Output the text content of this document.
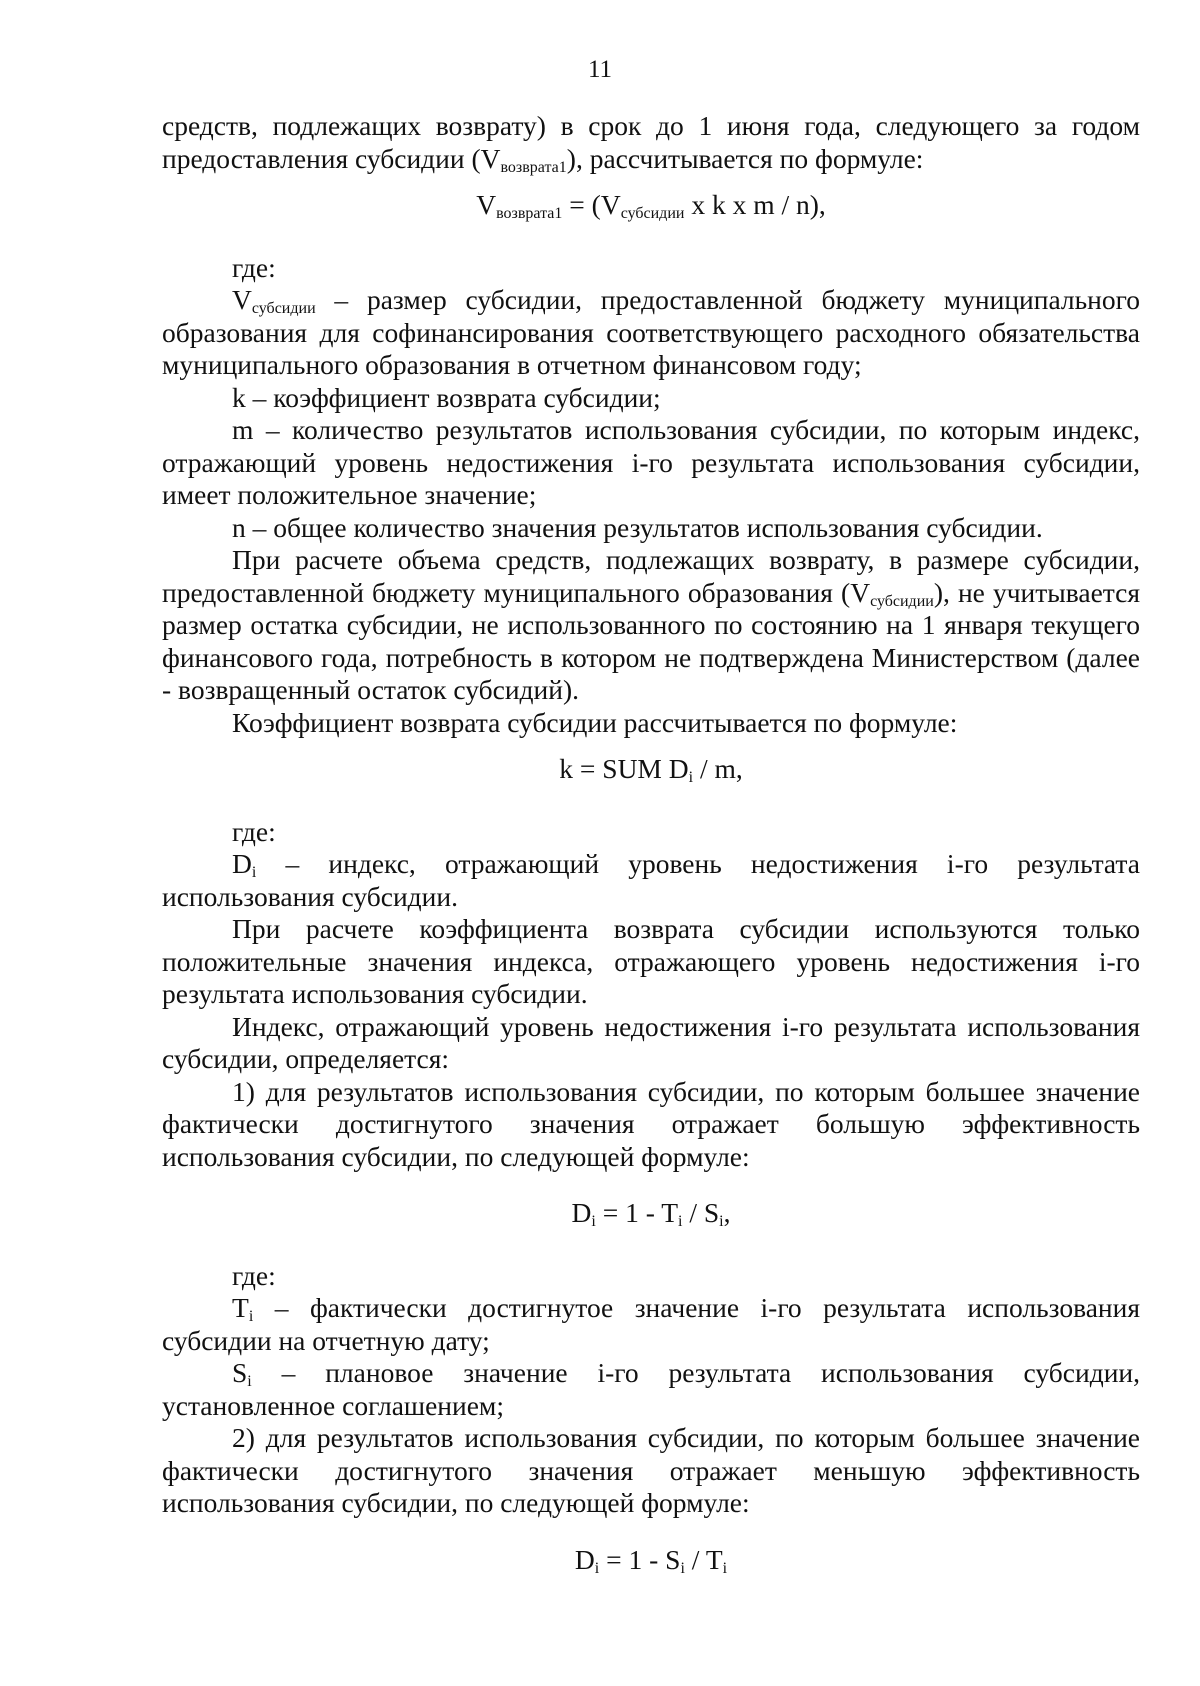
11

средств, подлежащих возврату) в срок до 1 июня года, следующего за годом предоставления субсидии $(V_{возврата1})$, рассчитывается по формуле:

$V_{возврата1} = (V_{субсидии}$ x k x m / n),

где:

$V_{субсидии}$ – размер субсидии, предоставленной бюджету муниципального образования для софинансирования соответствующего расходного обязательства муниципального образования в отчетном финансовом году;

k – коэффициент возврата субсидии;

m – количество результатов использования субсидии, по которым индекс, отражающий уровень недостижения i-го результата использования субсидии, имеет положительное значение;

n – общее количество значения результатов использования субсидии.

При расчете объема средств, подлежащих возврату, в размере субсидии, предоставленной бюджету муниципального образования $(V_{субсидии})$, не учитывается размер остатка субсидии, не использованного по состоянию на 1 января текущего финансового года, потребность в котором не подтверждена Министерством (далее - возвращенный остаток субсидий).

Коэффициент возврата субсидии рассчитывается по формуле:

k = SUM $D_i$ / m,

где:

$D_i$ – индекс, отражающий уровень недостижения i-го результата использования субсидии.

При расчете коэффициента возврата субсидии используются только положительные значения индекса, отражающего уровень недостижения i-го результата использования субсидии.

Индекс, отражающий уровень недостижения i-го результата использования субсидии, определяется:

1) для результатов использования субсидии, по которым большее значение фактически достигнутого значения отражает большую эффективность использования субсидии, по следующей формуле:

$D_i = 1 - T_i / S_i$,

где:

$T_i$ – фактически достигнутое значение i-го результата использования субсидии на отчетную дату;

$S_i$ – плановое значение i-го результата использования субсидии, установленное соглашением;

2) для результатов использования субсидии, по которым большее значение фактически достигнутого значения отражает меньшую эффективность использования субсидии, по следующей формуле:

$D_i = 1 - S_i / T_i$
